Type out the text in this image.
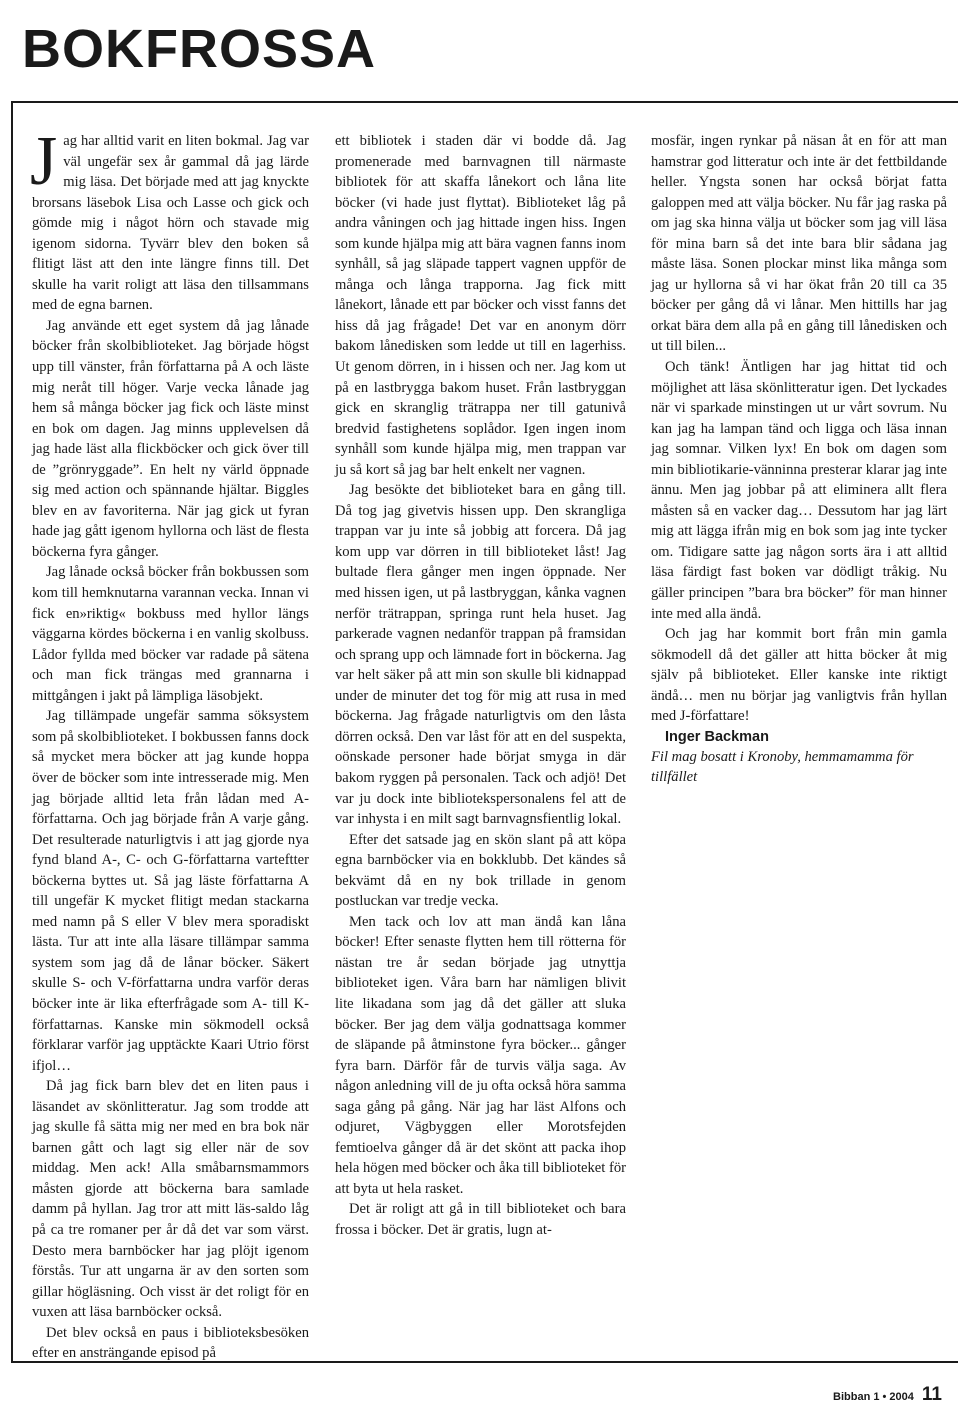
BOKFROSSA

Jag har alltid varit en liten bokmal. Jag var väl ungefär sex år gammal då jag lärde mig läsa. Det började med att jag knyckte brorsans läsebok Lisa och Lasse och gick och gömde mig i något hörn och stavade mig igenom sidorna. Tyvärr blev den boken så flitigt läst att den inte längre finns till. Det skulle ha varit roligt att läsa den tillsammans med de egna barnen.

Jag använde ett eget system då jag lånade böcker från skolbiblioteket. Jag började högst upp till vänster, från författarna på A och läste mig neråt till höger. Varje vecka lånade jag hem så många böcker jag fick och läste minst en bok om dagen. Jag minns upplevelsen då jag hade läst alla flickböcker och gick över till de ”grönryggade”. En helt ny värld öppnade sig med action och spännande hjältar. Biggles blev en av favoriterna. När jag gick ut fyran hade jag gått igenom hyllorna och läst de flesta böckerna fyra gånger.

Jag lånade också böcker från bokbussen som kom till hemknutarna varannan vecka. Innan vi fick en»riktig« bokbuss med hyllor längs väggarna kördes böckerna i en vanlig skolbuss. Lådor fyllda med böcker var radade på sätena och man fick trängas med grannarna i mittgången i jakt på lämpliga läsobjekt.

Jag tillämpade ungefär samma söksystem som på skolbiblioteket. I bokbussen fanns dock så mycket mera böcker att jag kunde hoppa över de böcker som inte intresserade mig. Men jag började alltid leta från lådan med A-författarna. Och jag började från A varje gång. Det resulterade naturligtvis i att jag gjorde nya fynd bland A-, C- och G-författarna varteftter böckerna byttes ut. Så jag läste författarna A till ungefär K mycket flitigt medan stackarna med namn på S eller V blev mera sporadiskt lästa. Tur att inte alla läsare tillämpar samma system som jag då de lånar böcker. Säkert skulle S- och V-författarna undra varför deras böcker inte är lika efterfrågade som A- till K-författarnas. Kanske min sökmodell också förklarar varför jag upptäckte Kaari Utrio först ifjol…

Då jag fick barn blev det en liten paus i läsandet av skönlitteratur. Jag som trodde att jag skulle få sätta mig ner med en bra bok när barnen gått och lagt sig eller när de sov middag. Men ack! Alla småbarnsmammors måsten gjorde att böckerna bara samlade damm på hyllan. Jag tror att mitt läs-saldo låg på ca tre romaner per år då det var som värst. Desto mera barnböcker har jag plöjt igenom förstås. Tur att ungarna är av den sorten som gillar högläsning. Och visst är det roligt för en vuxen att läsa barnböcker också.

Det blev också en paus i biblioteksbesöken efter en ansträngande episod på

ett bibliotek i staden där vi bodde då. Jag promenerade med barnvagnen till närmaste bibliotek för att skaffa lånekort och låna lite böcker (vi hade just flyttat). Biblioteket låg på andra våningen och jag hittade ingen hiss. Ingen som kunde hjälpa mig att bära vagnen fanns inom synhåll, så jag släpade tappert vagnen uppför de många och långa trapporna. Jag fick mitt lånekort, lånade ett par böcker och visst fanns det hiss då jag frågade! Det var en anonym dörr bakom lånedisken som ledde ut till en lagerhiss. Ut genom dörren, in i hissen och ner. Jag kom ut på en lastbrygga bakom huset. Från lastbryggan gick en skranglig trätrappa ner till gatunivå bredvid fastighetens soplådor. Igen ingen inom synhåll som kunde hjälpa mig, men trappan var ju så kort så jag bar helt enkelt ner vagnen.

Jag besökte det biblioteket bara en gång till. Då tog jag givetvis hissen upp. Den skrangliga trappan var ju inte så jobbig att forcera. Då jag kom upp var dörren in till biblioteket låst! Jag bultade flera gånger men ingen öppnade. Ner med hissen igen, ut på lastbryggan, kånka vagnen nerför trätrappan, springa runt hela huset. Jag parkerade vagnen nedanför trappan på framsidan och sprang upp och lämnade fort in böckerna. Jag var helt säker på att min son skulle bli kidnappad under de minuter det tog för mig att rusa in med böckerna. Jag frågade naturligtvis om den låsta dörren också. Den var låst för att en del suspekta, oönskade personer hade börjat smyga in där bakom ryggen på personalen. Tack och adjö! Det var ju dock inte bibliotekspersonalens fel att de var inhysta i en milt sagt barnvagnsfientlig lokal.

Efter det satsade jag en skön slant på att köpa egna barnböcker via en bokklubb. Det kändes så bekvämt då en ny bok trillade in genom postluckan var tredje vecka.

Men tack och lov att man ändå kan låna böcker! Efter senaste flytten hem till rötterna för nästan tre år sedan började jag utnyttja biblioteket igen. Våra barn har nämligen blivit lite likadana som jag då det gäller att sluka böcker. Ber jag dem välja godnattsaga kommer de släpande på åtminstone fyra böcker... gånger fyra barn. Därför får de turvis välja saga. Av någon anledning vill de ju ofta också höra samma saga gång på gång. När jag har läst Alfons och odjuret, Vägbyggen eller Morotsfejden femtioelva gånger då är det skönt att packa ihop hela högen med böcker och åka till biblioteket för att byta ut hela rasket.

Det är roligt att gå in till biblioteket och bara frossa i böcker. Det är gratis, lugn at-

mosfär, ingen rynkar på näsan åt en för att man hamstrar god litteratur och inte är det fettbildande heller. Yngsta sonen har också börjat fatta galoppen med att välja böcker. Nu får jag raska på om jag ska hinna välja ut böcker som jag vill läsa för mina barn så det inte bara blir sådana jag måste läsa. Sonen plockar minst lika många som jag ur hyllorna så vi har ökat från 20 till ca 35 böcker per gång då vi lånar. Men hittills har jag orkat bära dem alla på en gång till lånedisken och ut till bilen...

Och tänk! Äntligen har jag hittat tid och möjlighet att läsa skönlitteratur igen. Det lyckades när vi sparkade minstingen ut ur vårt sovrum. Nu kan jag ha lampan tänd och ligga och läsa innan jag somnar. Vilken lyx! En bok om dagen som min bibliotikarie-vänninna presterar klarar jag inte ännu. Men jag jobbar på att eliminera allt flera måsten så en vacker dag… Dessutom har jag lärt mig att lägga ifrån mig en bok som jag inte tycker om. Tidigare satte jag någon sorts ära i att alltid läsa färdigt fast boken var dödligt tråkig. Nu gäller principen ”bara bra böcker” för man hinner inte med alla ändå.

Och jag har kommit bort från min gamla sökmodell då det gäller att hitta böcker åt mig själv på biblioteket. Eller kanske inte riktigt ändå… men nu börjar jag vanligtvis från hyllan med J-författare!

Inger Backman

Fil mag bosatt i Kronoby, hemmamamma för tillfället

Bibban 1 • 2004 11
